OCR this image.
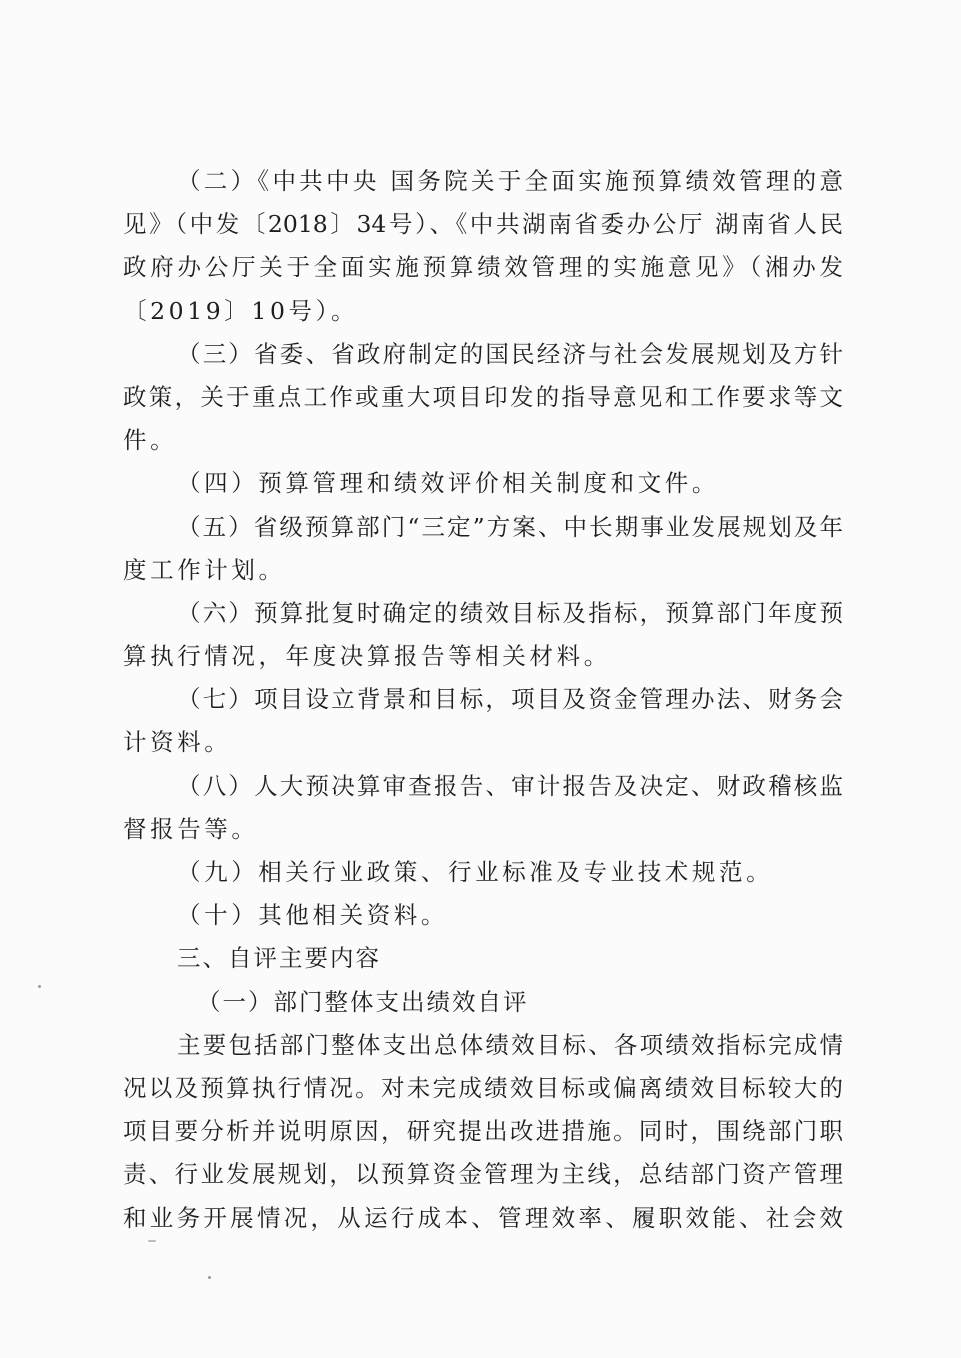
（二）《中共中央 国务院关于全面实施预算绩效管理的意
见》（中发〔2018〕34号）、《中共湖南省委办公厅 湖南省人民
政府办公厅关于全面实施预算绩效管理的实施意见》（湘办发
〔2019〕10号）。
（三）省委、省政府制定的国民经济与社会发展规划及方针
政策，关于重点工作或重大项目印发的指导意见和工作要求等文
件。
（四）预算管理和绩效评价相关制度和文件。
（五）省级预算部门“三定”方案、中长期事业发展规划及年
度工作计划。
（六）预算批复时确定的绩效目标及指标，预算部门年度预
算执行情况，年度决算报告等相关材料。
（七）项目设立背景和目标，项目及资金管理办法、财务会
计资料。
（八）人大预决算审查报告、审计报告及决定、财政稽核监
督报告等。
（九）相关行业政策、行业标准及专业技术规范。
（十）其他相关资料。
三、自评主要内容
（一）部门整体支出绩效自评
主要包括部门整体支出总体绩效目标、各项绩效指标完成情
况以及预算执行情况。对未完成绩效目标或偏离绩效目标较大的
项目要分析并说明原因，研究提出改进措施。同时，围绕部门职
责、行业发展规划，以预算资金管理为主线，总结部门资产管理
和业务开展情况，从运行成本、管理效率、履职效能、社会效
